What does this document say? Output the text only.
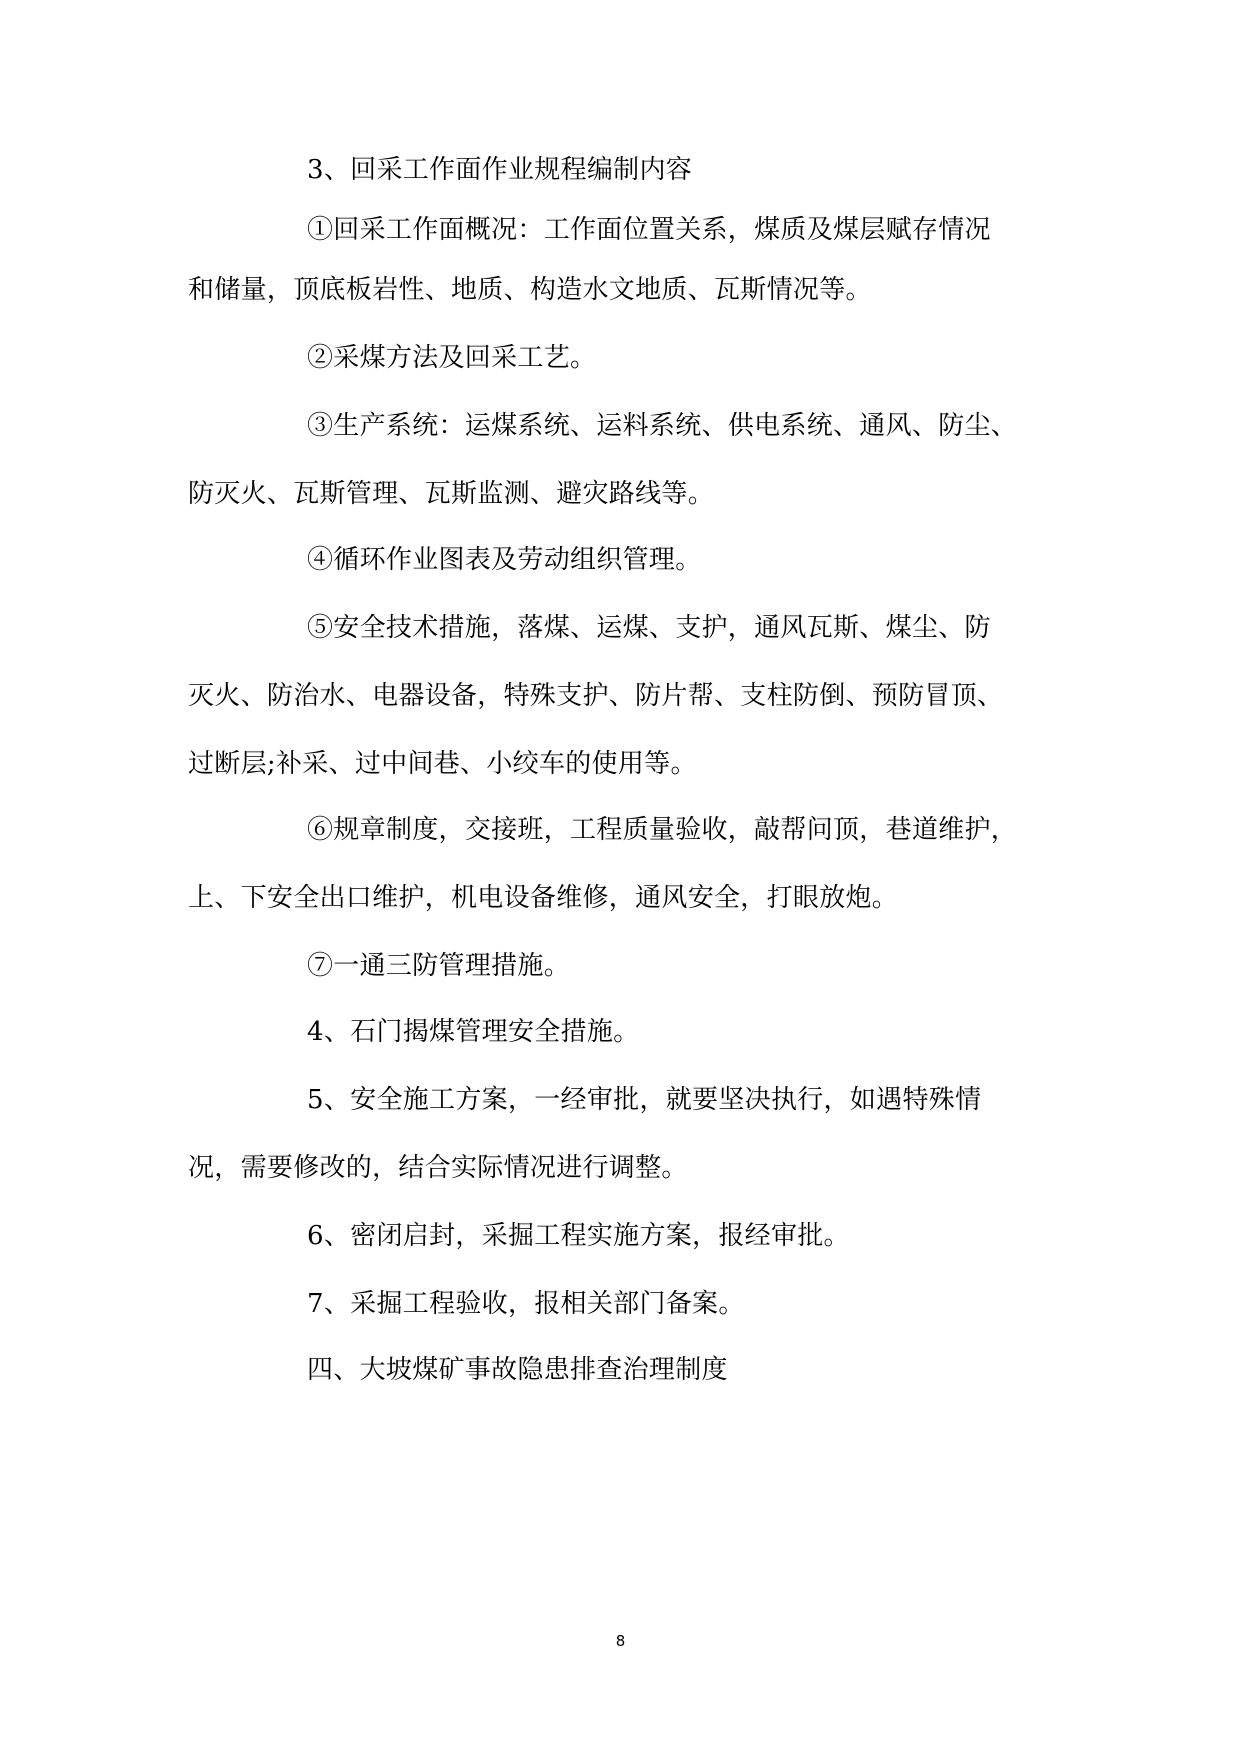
3、回采工作面作业规程编制内容
①回采工作面概况：工作面位置关系，煤质及煤层赋存情况
和储量，顶底板岩性、地质、构造水文地质、瓦斯情况等。
②采煤方法及回采工艺。
③生产系统：运煤系统、运料系统、供电系统、通风、防尘、
防灭火、瓦斯管理、瓦斯监测、避灾路线等。
④循环作业图表及劳动组织管理。
⑤安全技术措施，落煤、运煤、支护，通风瓦斯、煤尘、防
灭火、防治水、电器设备，特殊支护、防片帮、支柱防倒、预防冒顶、
过断层;补采、过中间巷、小绞车的使用等。
⑥规章制度，交接班，工程质量验收，敲帮问顶，巷道维护，
上、下安全出口维护，机电设备维修，通风安全，打眼放炮。
⑦一通三防管理措施。
4、石门揭煤管理安全措施。
5、安全施工方案，一经审批，就要坚决执行，如遇特殊情
况，需要修改的，结合实际情况进行调整。
6、密闭启封，采掘工程实施方案，报经审批。
7、采掘工程验收，报相关部门备案。
四、大坡煤矿事故隐患排查治理制度
8
